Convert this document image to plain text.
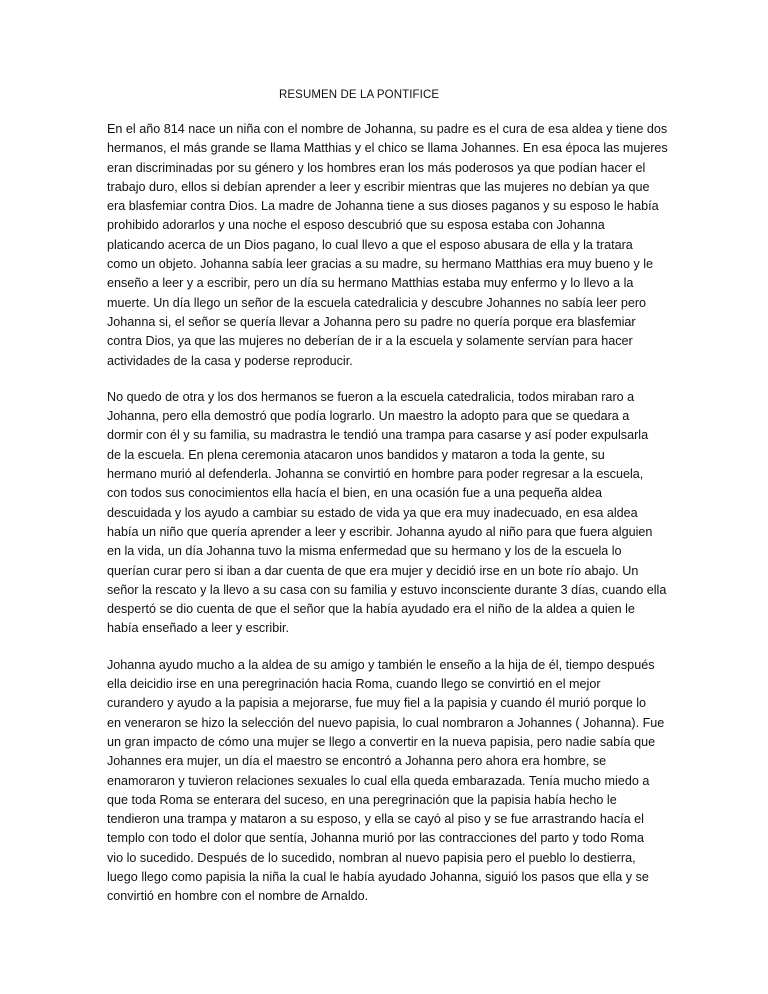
RESUMEN DE LA PONTIFICE
En el año 814 nace un niña con el nombre de Johanna, su padre es el cura de esa aldea y tiene dos
hermanos, el más grande se llama Matthias y el chico se llama Johannes. En esa época las mujeres
eran discriminadas por su género y los hombres eran los más poderosos ya que podían hacer el
trabajo duro, ellos si debían aprender a leer y escribir mientras que las mujeres no debían ya que
era blasfemiar contra Dios. La madre de Johanna tiene a sus dioses paganos y su esposo le había
prohibido adorarlos y una noche el esposo descubrió que su esposa estaba con Johanna
platicando acerca de un Dios pagano, lo cual llevo a que el esposo abusara de ella y la tratara
como un objeto. Johanna sabía leer gracias a su madre, su hermano Matthias era muy bueno y le
enseño a leer y a escribir, pero un día su hermano Matthias estaba muy enfermo y lo llevo a la
muerte. Un día llego un señor de la escuela catedralicia y descubre Johannes no sabía leer pero
Johanna si, el señor se quería llevar a Johanna pero su padre no quería porque era blasfemiar
contra Dios, ya que las mujeres no deberían de ir a la escuela y solamente servían para hacer
actividades de la casa y poderse reproducir.
No quedo de otra y los dos hermanos se fueron a la escuela catedralicia, todos miraban raro a
Johanna, pero ella demostró que podía lograrlo. Un maestro la adopto para que se quedara a
dormir con él y su familia, su madrastra le tendió una trampa para casarse y así poder expulsarla
de la escuela. En plena ceremonia atacaron unos bandidos y mataron a toda la gente, su
hermano murió al defenderla. Johanna se convirtió en hombre para poder regresar a la escuela,
con todos sus conocimientos ella hacía el bien, en una ocasión fue a una pequeña aldea
descuidada y los ayudo a cambiar su estado de vida ya que era muy inadecuado, en esa aldea
había un niño que quería aprender a leer y escribir. Johanna ayudo al niño para que fuera alguien
en la vida, un día Johanna tuvo la misma enfermedad que su hermano y los de la escuela lo
querían curar pero si iban a dar cuenta de que era mujer y decidió irse en un bote río abajo. Un
señor la rescato y la llevo a su casa con su familia y estuvo inconsciente durante 3 días, cuando ella
despertó se dio cuenta de que el señor que la había ayudado era el niño de la aldea a quien le
había enseñado a leer y escribir.
Johanna ayudo mucho a la aldea de su amigo y también le enseño a la hija de él, tiempo después
ella deicidio irse en una peregrinación hacia Roma, cuando llego se convirtió en el mejor
curandero y ayudo a la papisia a mejorarse, fue muy fiel a la papisia y cuando él murió porque lo
en veneraron se hizo la selección del nuevo papisia, lo cual nombraron a Johannes ( Johanna). Fue
un gran impacto de cómo una mujer se llego a convertir en la nueva papisia, pero nadie sabía que
Johannes era mujer, un día el maestro se encontró a Johanna pero ahora era hombre, se
enamoraron y tuvieron relaciones sexuales lo cual ella queda embarazada. Tenía mucho miedo a
que toda Roma se enterara del suceso, en una peregrinación que la papisia había hecho le
tendieron una trampa y mataron a su esposo, y ella se cayó al piso y se fue arrastrando hacía el
templo con todo el dolor que sentía, Johanna murió por las contracciones del parto y todo Roma
vio lo sucedido. Después de lo sucedido, nombran al nuevo papisia pero el pueblo lo destierra,
luego llego como papisia la niña la cual le había ayudado Johanna, siguió los pasos que ella y se
convirtió en hombre con el nombre de Arnaldo.
